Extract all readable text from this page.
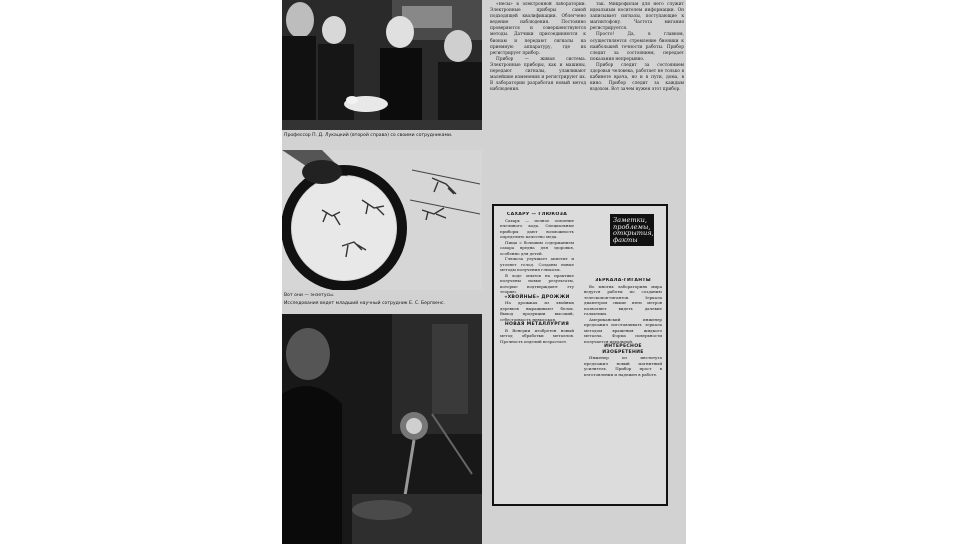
Профессор П. Д. Лукацкий (второй справа) со своими сотрудниками.
Вот они — энзетусы.
Исследования ведет младший научный сотрудник Е. С. Бергвенс.

«Весы» в электронной лаборатории. Электронные приборы самой подходящей квалификации. Облегчено ведение наблюдения. Постоянно проверяются и совершенствуются методы. Датчики присоединяются к бионам и передают сигналы на приемную аппаратуру, где их регистрирует прибор.

Прибор — живая система. Электронные приборы, как и машины, передают сигналы, улавливают малейшие изменения и регистрируют их. В лаборатории разработан новый метод наблюдения.

так. Микрофильм для него служит идеальным носителем информации. Он записывает сигналы, поступающие к магнитофону. Частота мигания регистрируется.

Просто! Да, в главном, осуществляется стремление бионики к наибольшей точности работы. Прибор следит за состоянием, передает показания непрерывно.

Прибор следит за состоянием здоровья человека, работает не только в кабинете врача, но и в пути, дома, в кино. Прибор следит за каждым вздохом. Вот зачем нужен этот прибор.

Заметки, проблемы, открытия, факты

САХАРУ — ГЛЮКОЗА

Сахарь — полное освоение пчелиного кода. Специальные приборы дают возможность определить качество меда.

Пища с большим содержанием сахара вредна для здоровья, особенно для детей.

Глюкоза улучшает аппетит и утоляет голод. Созданы новые методы получения глюкозы.

В ходе опытов на практике получены новые результаты, которые подтверждают эту теорию.

«ХВОЙНЫЕ» ДРОЖЖИ

На дрожжах из хвойных деревьев выращивают белок. Выход продукции высокий, себестоимость невысокая.

НОВАЯ МЕТАЛЛУРГИЯ

В Венгрии изобретен новый метод обработки металлов. Прочность изделий возрастает.

ЗЕРКАЛА-ГИГАНТЫ

Во многих лабораториях мира ведутся работы по созданию телескопов-гигантов. Зеркала диаметром свыше пяти метров позволяют видеть далекие галактики.

Американский инженер предложил изготавливать зеркала методом вращения жидкого металла. Форма поверхности получается идеальной.

ИНТЕРЕСНОЕ ИЗОБРЕТЕНИЕ

Инженер из института предложил новый магнитный усилитель. Прибор прост в изготовлении и надежен в работе.
